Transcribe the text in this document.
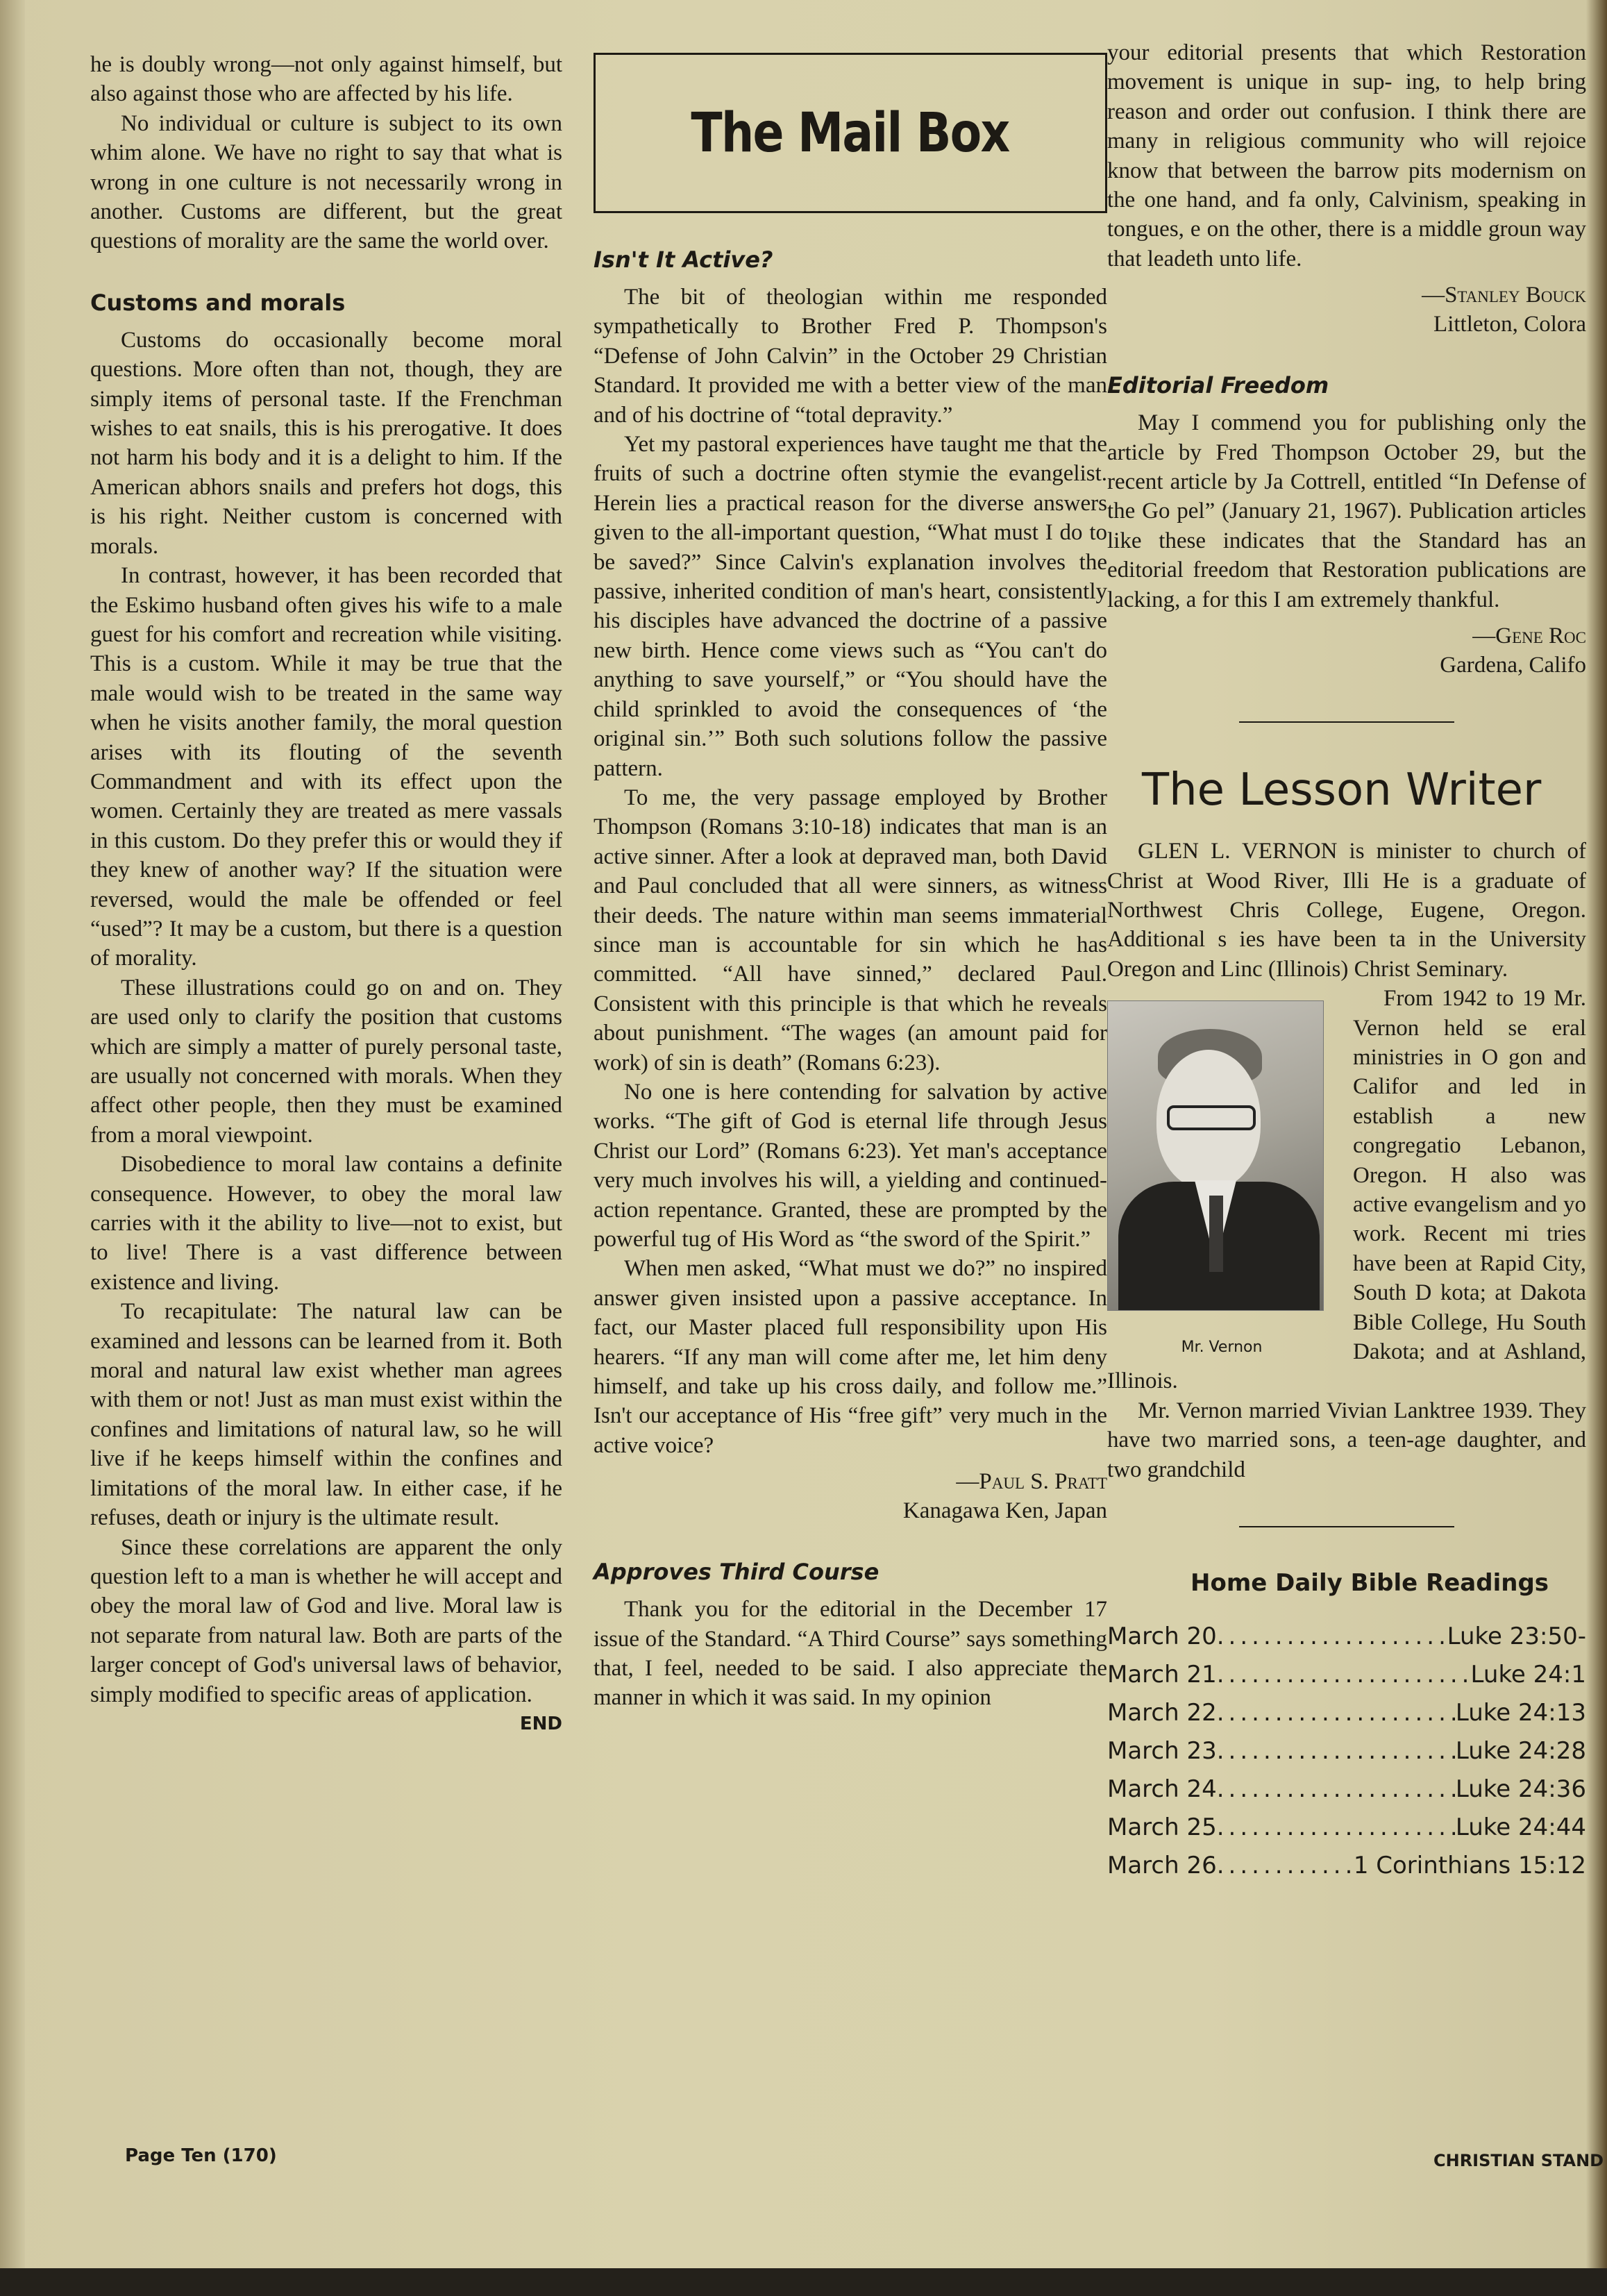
he is doubly wrong—not only against himself, but also against those who are affected by his life.

No individual or culture is subject to its own whim alone. We have no right to say that what is wrong in one culture is not necessarily wrong in another. Customs are different, but the great questions of morality are the same the world over.

Customs and morals

Customs do occasionally become moral questions. More often than not, though, they are simply items of personal taste. If the Frenchman wishes to eat snails, this is his prerogative. It does not harm his body and it is a delight to him. If the American abhors snails and prefers hot dogs, this is his right. Neither custom is concerned with morals.

In contrast, however, it has been recorded that the Eskimo husband often gives his wife to a male guest for his comfort and recreation while visiting. This is a custom. While it may be true that the male would wish to be treated in the same way when he visits another family, the moral question arises with its flouting of the seventh Commandment and with its effect upon the women. Certainly they are treated as mere vassals in this custom. Do they prefer this or would they if they knew of another way? If the situation were reversed, would the male be offended or feel “used”? It may be a custom, but there is a question of morality.

These illustrations could go on and on. They are used only to clarify the position that customs which are simply a matter of purely personal taste, are usually not concerned with morals. When they affect other people, then they must be examined from a moral viewpoint.

Disobedience to moral law contains a definite consequence. However, to obey the moral law carries with it the ability to live—not to exist, but to live! There is a vast difference between existence and living.

To recapitulate: The natural law can be examined and lessons can be learned from it. Both moral and natural law exist whether man agrees with them or not! Just as man must exist within the confines and limitations of natural law, so he will live if he keeps himself within the confines and limitations of the moral law. In either case, if he refuses, death or injury is the ultimate result.

Since these correlations are apparent the only question left to a man is whether he will accept and obey the moral law of God and live. Moral law is not separate from natural law. Both are parts of the larger concept of God's universal laws of behavior, simply modified to specific areas of application.
END

The Mail Box
Isn't It Active?

The bit of theologian within me responded sympathetically to Brother Fred P. Thompson's “Defense of John Calvin” in the October 29 Christian Standard. It provided me with a better view of the man and of his doctrine of “total depravity.”

Yet my pastoral experiences have taught me that the fruits of such a doctrine often stymie the evangelist. Herein lies a practical reason for the diverse answers given to the all-important question, “What must I do to be saved?” Since Calvin's explanation involves the passive, inherited condition of man's heart, consistently his disciples have advanced the doctrine of a passive new birth. Hence come views such as “You can't do anything to save yourself,” or “You should have the child sprinkled to avoid the consequences of ‘the original sin.’” Both such solutions follow the passive pattern.

To me, the very passage employed by Brother Thompson (Romans 3:10-18) indicates that man is an active sinner. After a look at depraved man, both David and Paul concluded that all were sinners, as witness their deeds. The nature within man seems immaterial since man is accountable for sin which he has committed. “All have sinned,” declared Paul. Consistent with this principle is that which he reveals about punishment. “The wages (an amount paid for work) of sin is death” (Romans 6:23).

No one is here contending for salvation by active works. “The gift of God is eternal life through Jesus Christ our Lord” (Romans 6:23). Yet man's acceptance very much involves his will, a yielding and continued-action repentance. Granted, these are prompted by the powerful tug of His Word as “the sword of the Spirit.”

When men asked, “What must we do?” no inspired answer given insisted upon a passive acceptance. In fact, our Master placed full responsibility upon His hearers. “If any man will come after me, let him deny himself, and take up his cross daily, and follow me.” Isn't our acceptance of His “free gift” very much in the active voice?

—Paul S. Pratt

Kanagawa Ken, Japan

Approves Third Course

Thank you for the editorial in the December 17 issue of the Standard. “A Third Course” says something that, I feel, needed to be said. I also appreciate the manner in which it was said. In my opinion

your editorial presents that which Restoration movement is unique in sup- ing, to help bring reason and order out confusion. I think there are many in religious community who will rejoice know that between the barrow pits modernism on the one hand, and fa only, Calvinism, speaking in tongues, e on the other, there is a middle groun way that leadeth unto life.

—Stanley Bouck

Littleton, Colora

Editorial Freedom

May I commend you for publishing only the article by Fred Thompson October 29, but the recent article by Ja Cottrell, entitled “In Defense of the Go pel” (January 21, 1967). Publication articles like these indicates that the Standard has an editorial freedom that Restoration publications are lacking, a for this I am extremely thankful.

—Gene Roc

Gardena, Califo

The Lesson Writer

GLEN L. VERNON is minister to church of Christ at Wood River, Illi He is a graduate of Northwest Chris College, Eugene, Oregon. Additional s ies have been ta in the University Oregon and Linc (Illinois) Christ Seminary.

Mr. Vernon

From 1942 to 19 Mr. Vernon held se eral ministries in O gon and Califor and led in establish a new congregatio Lebanon, Oregon. H also was active evangelism and yo work. Recent mi tries have been at Rapid City, South D kota; at Dakota Bible College, Hu South Dakota; and at Ashland, Illinois.

Mr. Vernon married Vivian Lanktree 1939. They have two married sons, a teen-age daughter, and two grandchild

Home Daily Bible Readings
March 20 .....	Luke 23:50-
March 21 .....	Luke 24:1
March 22 .....	Luke 24:13
March 23 .....	Luke 24:28
March 24 .....	Luke 24:36
March 25 .....	Luke 24:44
March 26 .....	1 Corinthians 15:12
Page Ten (170)	CHRISTIAN STAND
